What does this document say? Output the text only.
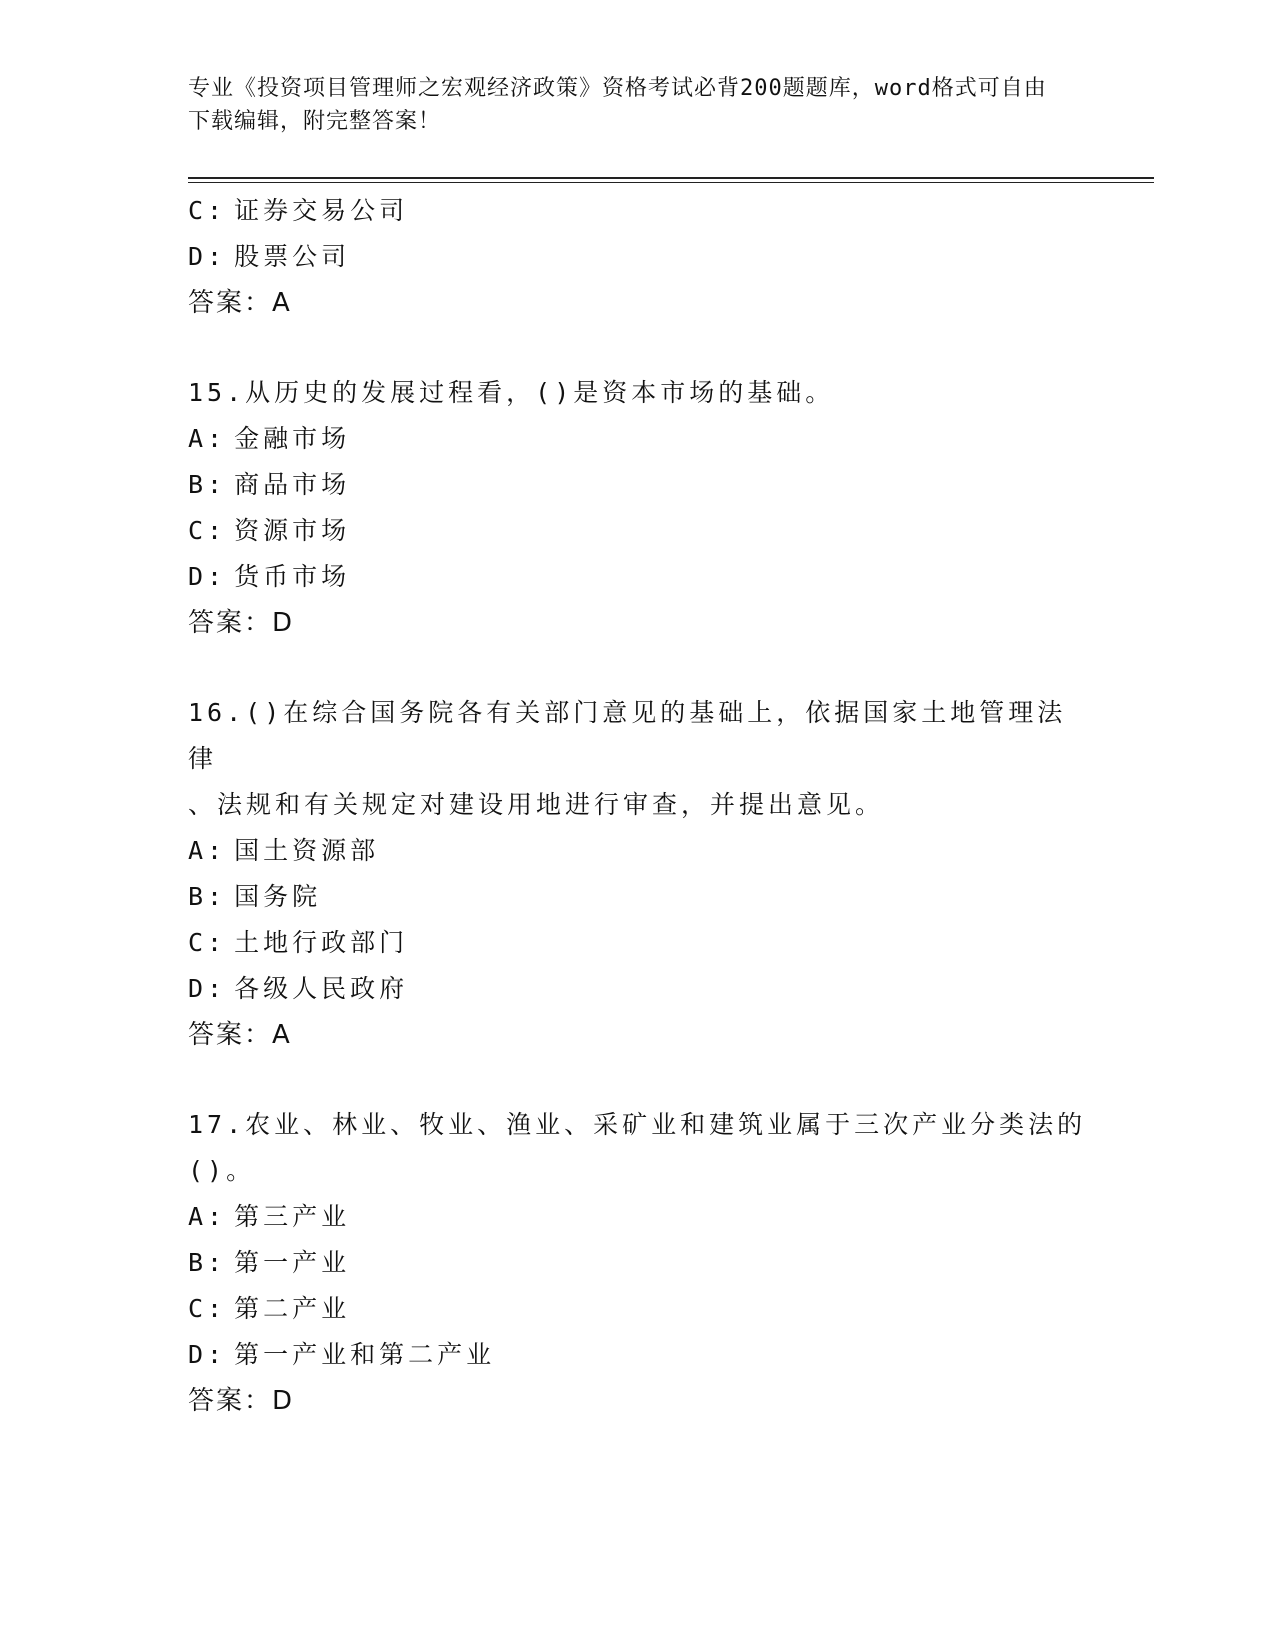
专业《投资项目管理师之宏观经济政策》资格考试必背200题题库，word格式可自由下载编辑，附完整答案！
C: 证券交易公司
D: 股票公司
答案：A
15.从历史的发展过程看，()是资本市场的基础。
A: 金融市场
B: 商品市场
C: 资源市场
D: 货币市场
答案：D
16.()在综合国务院各有关部门意见的基础上，依据国家土地管理法律
、法规和有关规定对建设用地进行审查，并提出意见。
A: 国土资源部
B: 国务院
C: 土地行政部门
D: 各级人民政府
答案：A
17.农业、林业、牧业、渔业、采矿业和建筑业属于三次产业分类法的
()。
A: 第三产业
B: 第一产业
C: 第二产业
D: 第一产业和第二产业
答案：D
